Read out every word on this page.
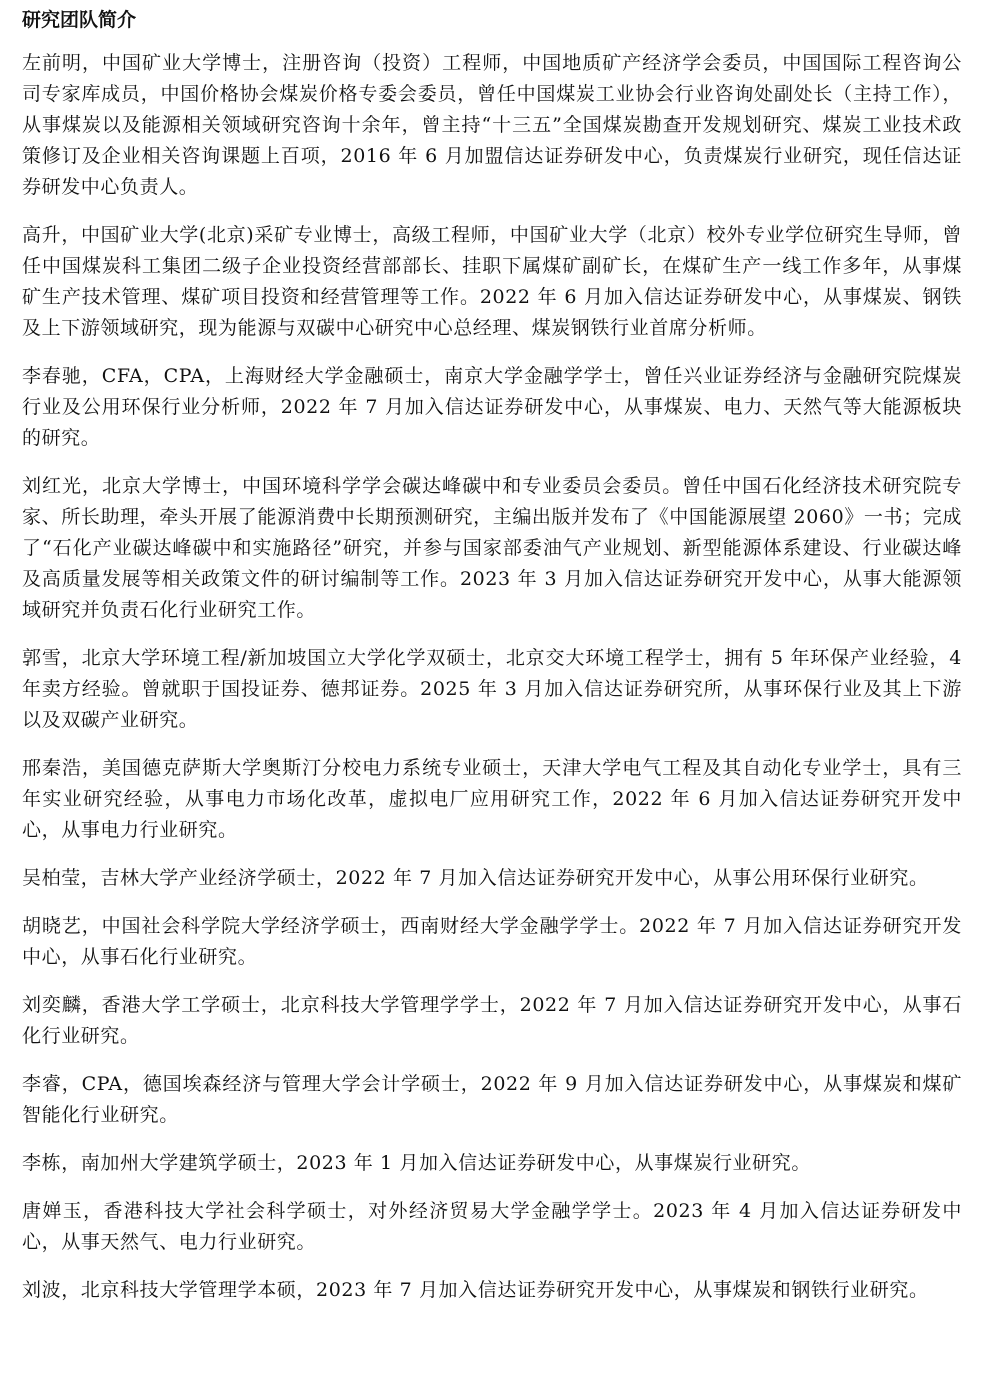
研究团队简介

左前明，中国矿业大学博士，注册咨询（投资）工程师，中国地质矿产经济学会委员，中国国际工程咨询公司专家库成员，中国价格协会煤炭价格专委会委员，曾任中国煤炭工业协会行业咨询处副处长（主持工作），从事煤炭以及能源相关领域研究咨询十余年，曾主持“十三五”全国煤炭勘查开发规划研究、煤炭工业技术政策修订及企业相关咨询课题上百项，2016 年 6 月加盟信达证券研发中心，负责煤炭行业研究，现任信达证券研发中心负责人。

高升，中国矿业大学(北京)采矿专业博士，高级工程师，中国矿业大学（北京）校外专业学位研究生导师，曾任中国煤炭科工集团二级子企业投资经营部部长、挂职下属煤矿副矿长，在煤矿生产一线工作多年，从事煤矿生产技术管理、煤矿项目投资和经营管理等工作。2022 年 6 月加入信达证券研发中心，从事煤炭、钢铁及上下游领域研究，现为能源与双碳中心研究中心总经理、煤炭钢铁行业首席分析师。

李春驰，CFA，CPA，上海财经大学金融硕士，南京大学金融学学士，曾任兴业证券经济与金融研究院煤炭行业及公用环保行业分析师，2022 年 7 月加入信达证券研发中心，从事煤炭、电力、天然气等大能源板块的研究。

刘红光，北京大学博士，中国环境科学学会碳达峰碳中和专业委员会委员。曾任中国石化经济技术研究院专家、所长助理，牵头开展了能源消费中长期预测研究，主编出版并发布了《中国能源展望 2060》一书；完成了“石化产业碳达峰碳中和实施路径”研究，并参与国家部委油气产业规划、新型能源体系建设、行业碳达峰及高质量发展等相关政策文件的研讨编制等工作。2023 年 3 月加入信达证券研究开发中心，从事大能源领域研究并负责石化行业研究工作。

郭雪，北京大学环境工程/新加坡国立大学化学双硕士，北京交大环境工程学士，拥有 5 年环保产业经验，4 年卖方经验。曾就职于国投证券、德邦证券。2025 年 3 月加入信达证券研究所，从事环保行业及其上下游以及双碳产业研究。

邢秦浩，美国德克萨斯大学奥斯汀分校电力系统专业硕士，天津大学电气工程及其自动化专业学士，具有三年实业研究经验，从事电力市场化改革，虚拟电厂应用研究工作，2022 年 6 月加入信达证券研究开发中心，从事电力行业研究。

吴柏莹，吉林大学产业经济学硕士，2022 年 7 月加入信达证券研究开发中心，从事公用环保行业研究。

胡晓艺，中国社会科学院大学经济学硕士，西南财经大学金融学学士。2022 年 7 月加入信达证券研究开发中心，从事石化行业研究。

刘奕麟，香港大学工学硕士，北京科技大学管理学学士，2022 年 7 月加入信达证券研究开发中心，从事石化行业研究。

李睿，CPA，德国埃森经济与管理大学会计学硕士，2022 年 9 月加入信达证券研发中心，从事煤炭和煤矿智能化行业研究。

李栋，南加州大学建筑学硕士，2023 年 1 月加入信达证券研发中心，从事煤炭行业研究。

唐婵玉，香港科技大学社会科学硕士，对外经济贸易大学金融学学士。2023 年 4 月加入信达证券研发中心，从事天然气、电力行业研究。

刘波，北京科技大学管理学本硕，2023 年 7 月加入信达证券研究开发中心，从事煤炭和钢铁行业研究。
